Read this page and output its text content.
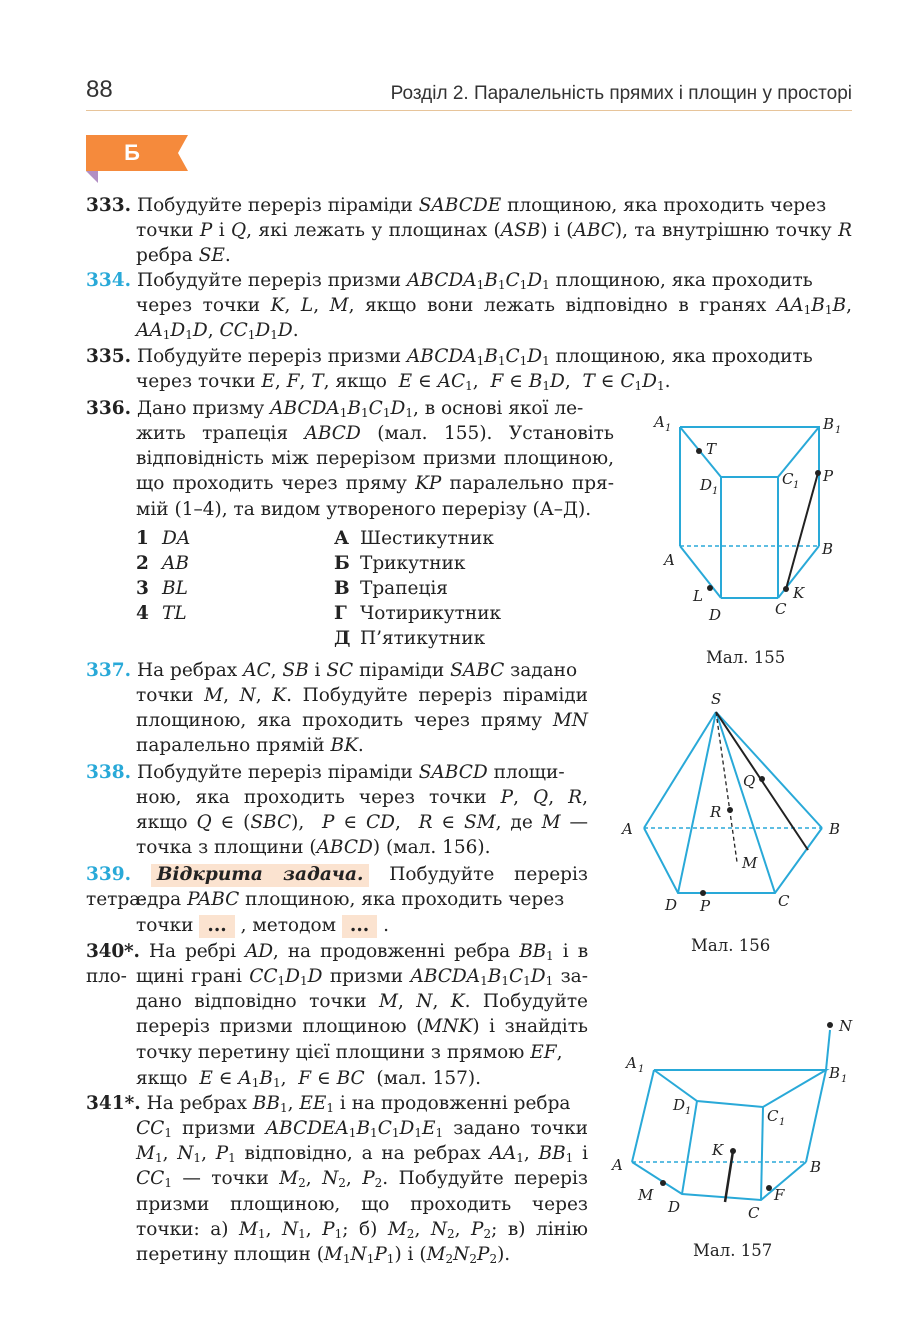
88	Розділ 2. Паралельність прямих і площин у просторі
Б
333. Побудуйте переріз піраміди SABCDE площиною, яка проходить через
точки P і Q, які лежать у площинах (ASB) і (ABC), та внутрішню точку R ребра SE.
334. Побудуйте переріз призми $ABCDA_1B_1C_1D_1$ площиною, яка проходить
через точки K, L, M, якщо вони лежать відповідно в гранях $AA_1B_1B$, $AA_1D_1D$, $CC_1D_1D$.
335. Побудуйте переріз призми $ABCDA_1B_1C_1D_1$ площиною, яка проходить
через точки E, F, T, якщо  E ∈ $AC_1$,  F ∈ $B_1D$,  T ∈ $C_1D_1$.
336. Дано призму $ABCDA_1B_1C_1D_1$, в основі якої ле-
жить трапеція ABCD (мал. 155). Установіть відповідність між перерізом призми площиною, що проходить через пряму KP паралельно прямій (1–4), та видом утвореного перерізу (А–Д).
1 DA
2 AB
3 BL
4 TL
А Шестикутник
Б Трикутник
В Трапеція
Г Чотирикутник
Д П’ятикутник
337. На ребрах AC, SB і SC піраміди SABC задано
точки M, N, K. Побудуйте переріз піраміди площиною, яка проходить через пряму MN паралельно прямій BK.
338. Побудуйте переріз піраміди SABCD площи-
ною, яка проходить через точки P, Q, R, якщо Q ∈ (SBC),  P ∈ CD,  R ∈ SM, де M — точка з площини (ABCD) (мал. 156).
339. Відкрита задача. Побудуйте переріз тетра-
едра PABC площиною, яка проходить через
точки ... , методом ... .
340*. На ребрі AD, на продовженні ребра $BB_1$ і в пло- щині грані $CC_1D_1D$ призми $ABCDA_1B_1C_1D_1$ задано відповідно точки M, N, K. Побудуйте переріз призми площиною (MNK) і знайдіть точку перетину цієї площини з прямою EF,
якщо  E ∈ $A_1B_1$,  F ∈ BC  (мал. 157).
341*. На ребрах $BB_1$, $EE_1$ і на продовженні ребра
$CC_1$ призми $ABCDEA_1B_1C_1D_1E_1$ задано точки $M_1$, $N_1$, $P_1$ відповідно, а на ребрах $AA_1$, $BB_1$ і $CC_1$ — точки $M_2$, $N_2$, $P_2$. Побудуйте переріз призми площиною, що проходить через точки: а) $M_1$, $N_1$, $P_1$; б) $M_2$, $N_2$, $P_2$; в) лінію перетину площин $(M_1N_1P_1)$ і $(M_2N_2P_2)$.
A 1	B 1
T
D 1
C 1
P
B
A
K
L
D	C
S
Q
R
A	B
M
D P	C
N
A 1	B 1
D 1	C 1
K
A	B
M
D	C
F
Мал. 155
Мал. 156
Мал. 157
